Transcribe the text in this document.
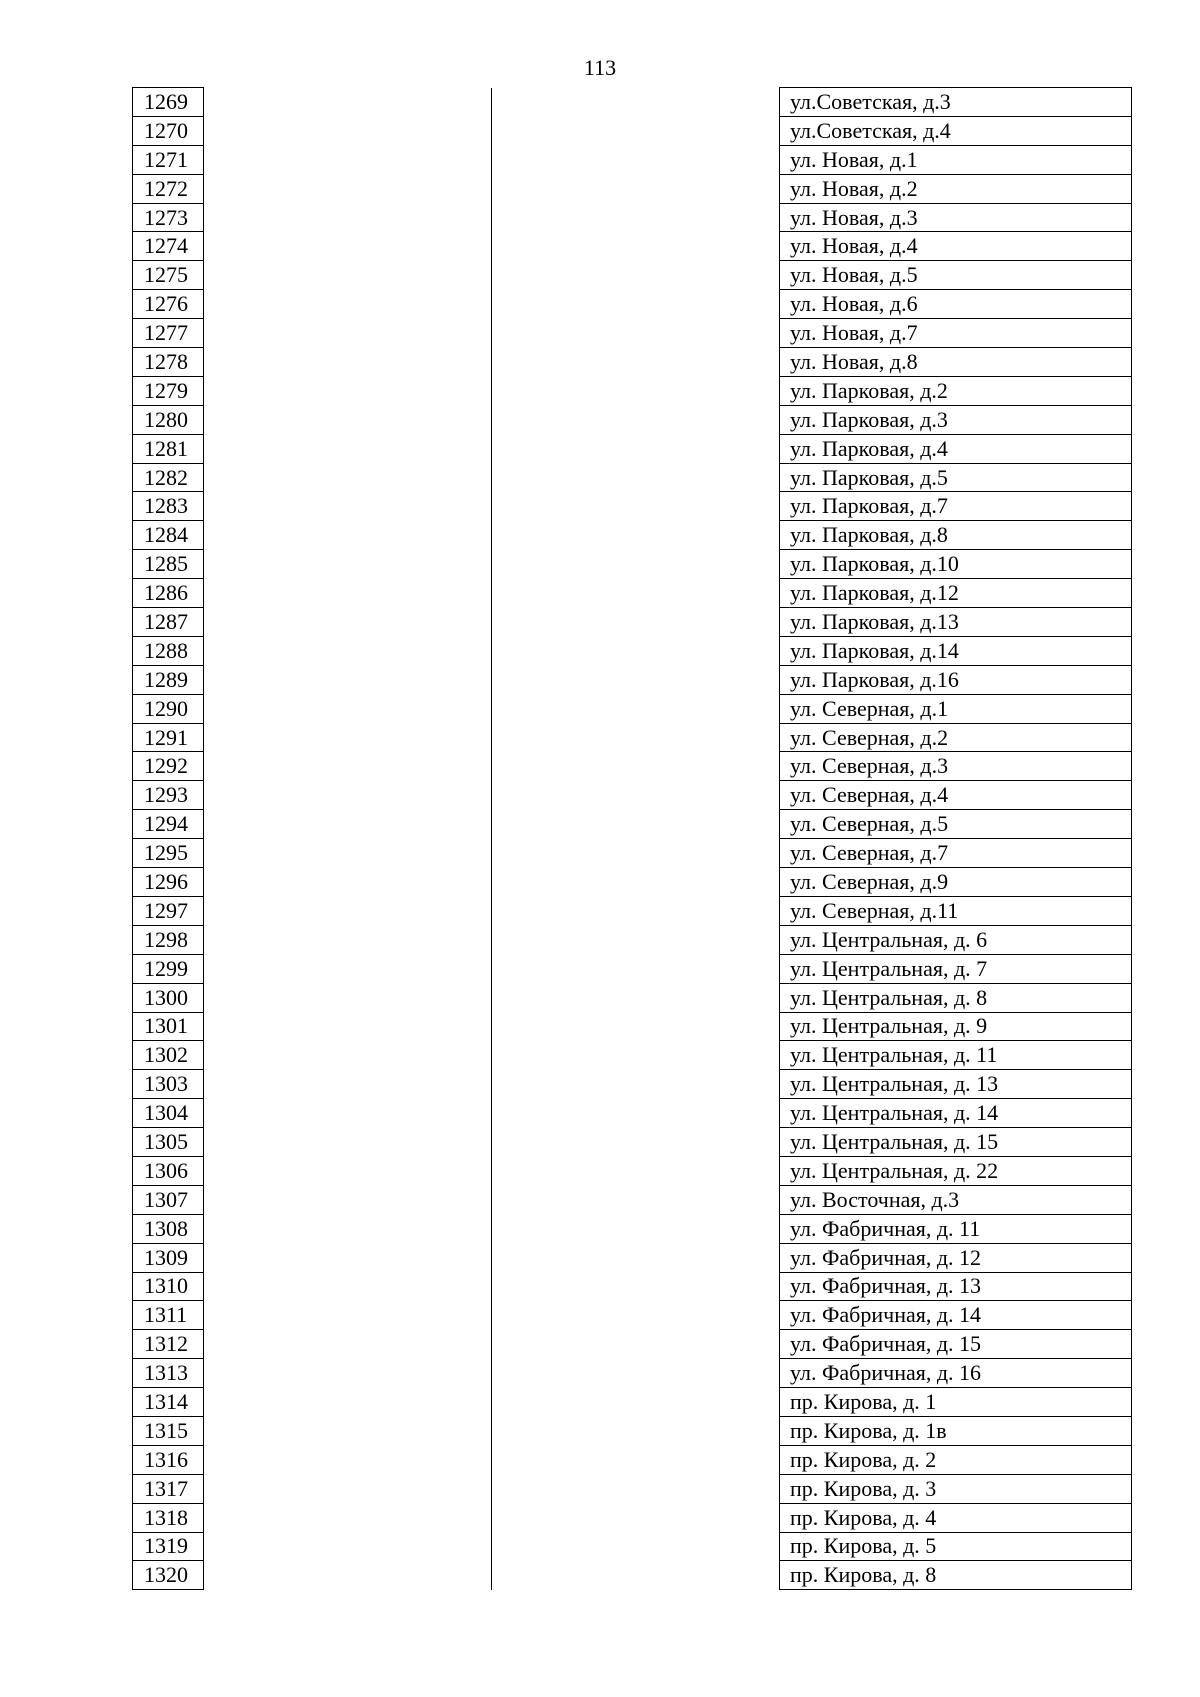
113
1269			ул.Советская, д.3
1270			ул.Советская, д.4
1271			ул. Новая, д.1
1272			ул. Новая, д.2
1273			ул. Новая, д.3
1274			ул. Новая, д.4
1275			ул. Новая, д.5
1276			ул. Новая, д.6
1277			ул. Новая, д.7
1278			ул. Новая, д.8
1279			ул. Парковая, д.2
1280			ул. Парковая, д.3
1281			ул. Парковая, д.4
1282			ул. Парковая, д.5
1283			ул. Парковая, д.7
1284			ул. Парковая, д.8
1285			ул. Парковая, д.10
1286			ул. Парковая, д.12
1287			ул. Парковая, д.13
1288			ул. Парковая, д.14
1289			ул. Парковая, д.16
1290			ул. Северная, д.1
1291			ул. Северная, д.2
1292			ул. Северная, д.3
1293			ул. Северная, д.4
1294			ул. Северная, д.5
1295			ул. Северная, д.7
1296			ул. Северная, д.9
1297			ул. Северная, д.11
1298			ул. Центральная, д. 6
1299			ул. Центральная, д. 7
1300			ул. Центральная, д. 8
1301			ул. Центральная, д. 9
1302			ул. Центральная, д. 11
1303			ул. Центральная, д. 13
1304			ул. Центральная, д. 14
1305			ул. Центральная, д. 15
1306			ул. Центральная, д. 22
1307			ул. Восточная, д.3
1308			ул. Фабричная, д. 11
1309			ул. Фабричная, д. 12
1310			ул. Фабричная, д. 13
1311			ул. Фабричная, д. 14
1312			ул. Фабричная, д. 15
1313			ул. Фабричная, д. 16
1314			пр. Кирова, д. 1
1315			пр. Кирова, д. 1в
1316			пр. Кирова, д. 2
1317			пр. Кирова, д. 3
1318			пр. Кирова, д. 4
1319			пр. Кирова, д. 5
1320			пр. Кирова, д. 8
